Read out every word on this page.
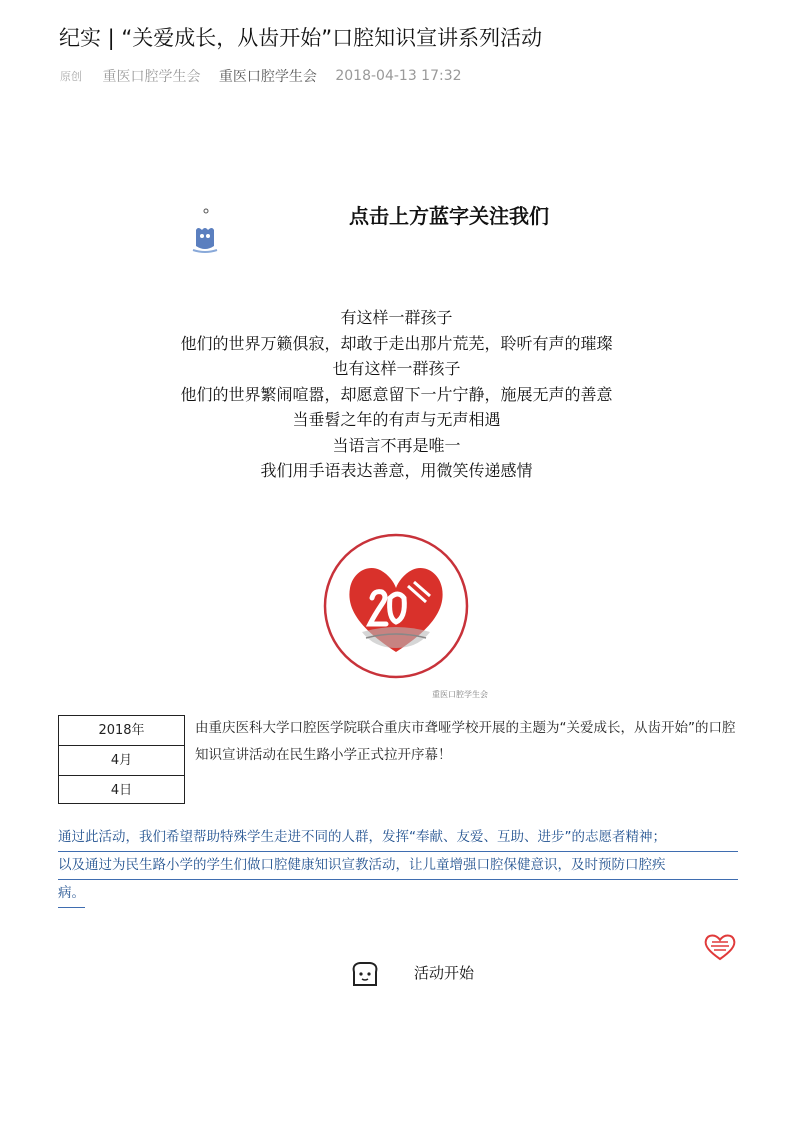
纪实 | “关爱成长，从齿开始”口腔知识宣讲系列活动
原创 重医口腔学生会 重医口腔学生会 2018-04-13 17:32
点击上方蓝字关注我们
有这样一群孩子
他们的世界万籁俱寂，却敢于走出那片荒芜，聆听有声的璀璨
也有这样一群孩子
他们的世界繁闹喧嚣，却愿意留下一片宁静，施展无声的善意
当垂髫之年的有声与无声相遇
当语言不再是唯一
我们用手语表达善意，用微笑传递感情
重医口腔学生会
2018年
4月
4日
由重庆医科大学口腔医学院联合重庆市聋哑学校开展的主题为“关爱成长，从齿开始”的口腔知识宣讲活动在民生路小学正式拉开序幕！
通过此活动，我们希望帮助特殊学生走进不同的人群，发挥“奉献、友爱、互助、进步”的志愿者精神；
以及通过为民生路小学的学生们做口腔健康知识宣教活动，让儿童增强口腔保健意识，及时预防口腔疾
病。
活动开始
